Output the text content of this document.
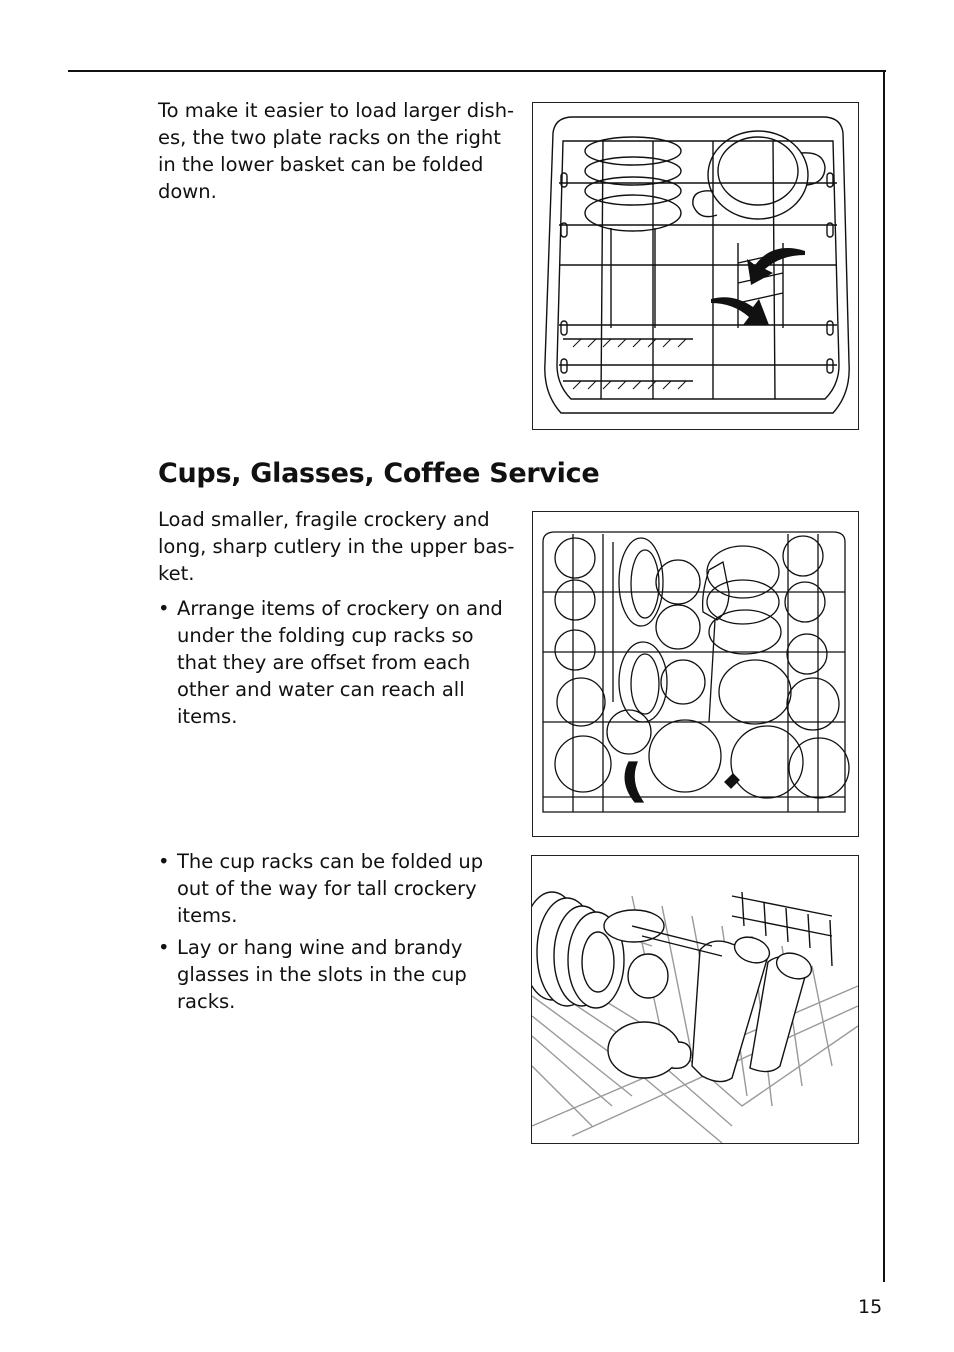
To make it easier to load larger dish-
es, the two plate racks on the right
in the lower basket can be folded
down.

Cups, Glasses, Coffee Service

Load smaller, fragile crockery and
long, sharp cutlery in the upper bas-
ket.

• Arrange items of crockery on and
under the folding cup racks so
that they are offset from each
other and water can reach all
items.
• The cup racks can be folded up
out of the way for tall crockery
items.
• Lay or hang wine and brandy
glasses in the slots in the cup
racks.
15
